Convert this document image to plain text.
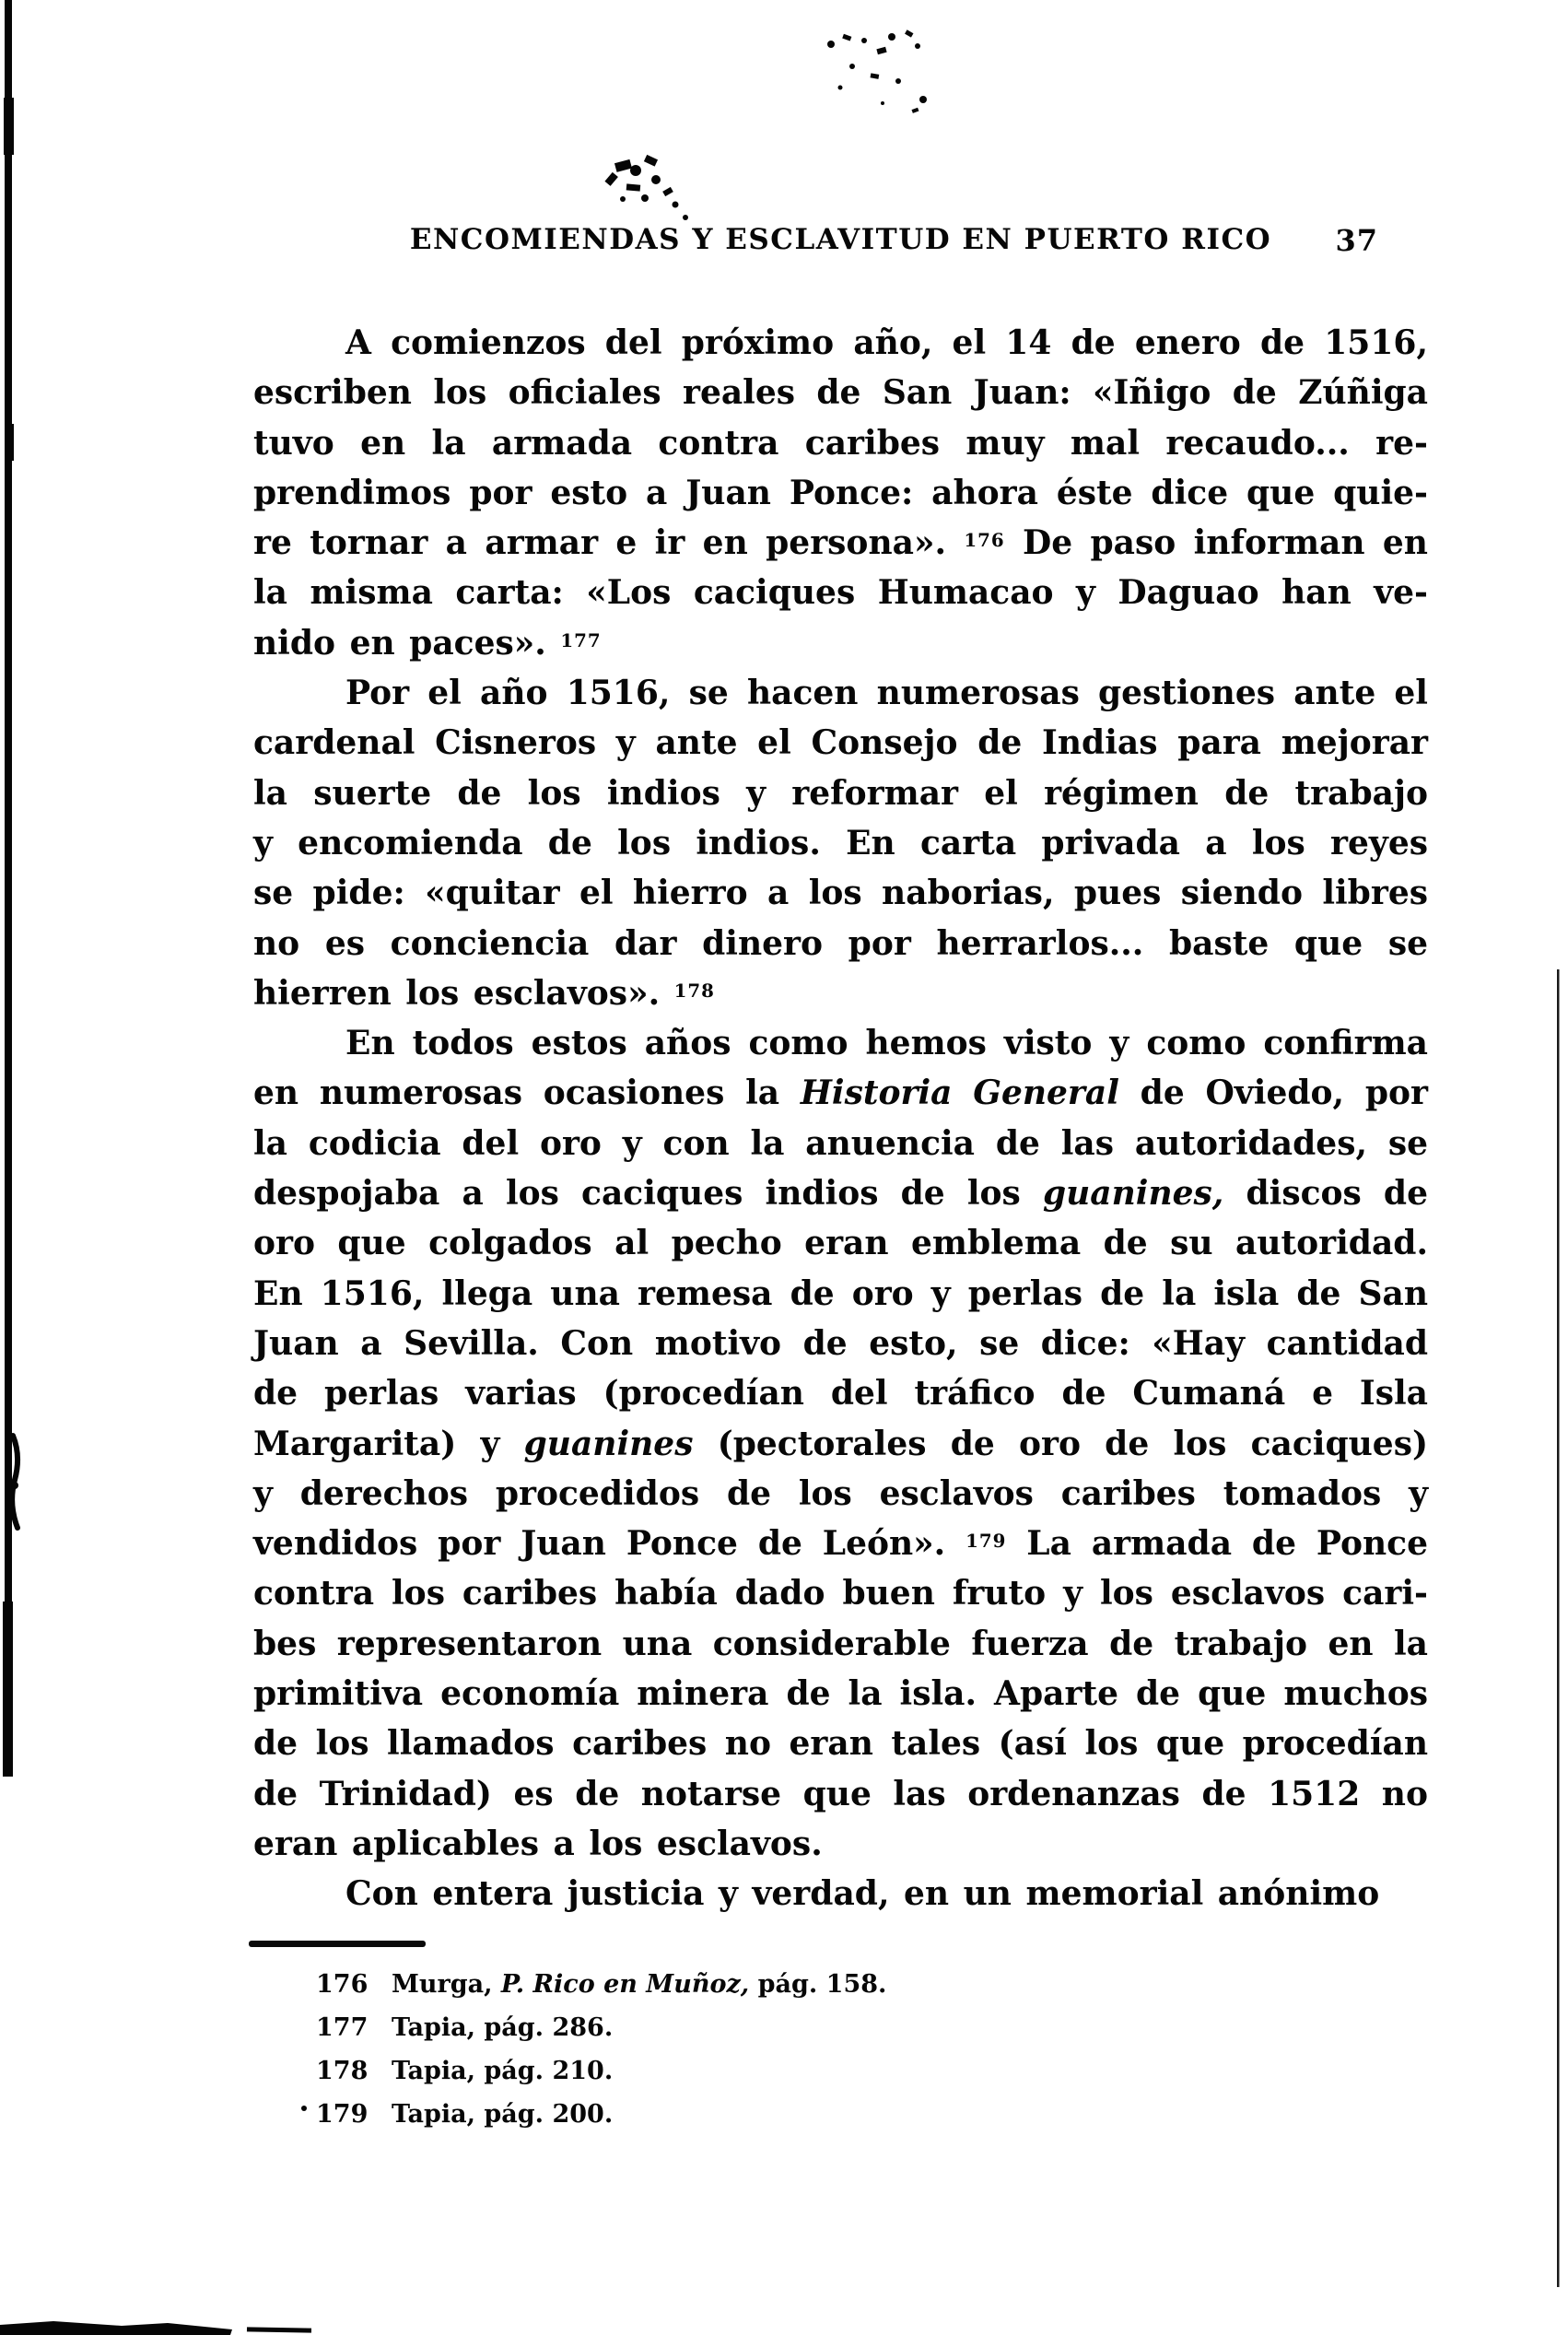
ENCOMIENDAS Y ESCLAVITUD EN PUERTO RICO	37
A comienzos del próximo año, el 14 de enero de 1516,
escriben los oficiales reales de San Juan: «Iñigo de Zúñiga
tuvo en la armada contra caribes muy mal recaudo... re-
prendimos por esto a Juan Ponce: ahora éste dice que quie-
re tornar a armar e ir en persona». $^{176}$ De paso informan en
la misma carta: «Los caciques Humacao y Daguao han ve-
nido en paces». $^{177}$
Por el año 1516, se hacen numerosas gestiones ante el
cardenal Cisneros y ante el Consejo de Indias para mejorar
la suerte de los indios y reformar el régimen de trabajo
y encomienda de los indios. En carta privada a los reyes
se pide: «quitar el hierro a los naborias, pues siendo libres
no es conciencia dar dinero por herrarlos... baste que se
hierren los esclavos». $^{178}$
En todos estos años como hemos visto y como confirma
en numerosas ocasiones la Historia General de Oviedo, por
la codicia del oro y con la anuencia de las autoridades, se
despojaba a los caciques indios de los guanines, discos de
oro que colgados al pecho eran emblema de su autoridad.
En 1516, llega una remesa de oro y perlas de la isla de San
Juan a Sevilla. Con motivo de esto, se dice: «Hay cantidad
de perlas varias (procedían del tráfico de Cumaná e Isla
Margarita) y guanines (pectorales de oro de los caciques)
y derechos procedidos de los esclavos caribes tomados y
vendidos por Juan Ponce de León». $^{179}$ La armada de Ponce
contra los caribes había dado buen fruto y los esclavos cari-
bes representaron una considerable fuerza de trabajo en la
primitiva economía minera de la isla. Aparte de que muchos
de los llamados caribes no eran tales (así los que procedían
de Trinidad) es de notarse que las ordenanzas de 1512 no
eran aplicables a los esclavos.
Con entera justicia y verdad, en un memorial anónimo
176 Murga, P. Rico en Muñoz, pág. 158.
177 Tapia, pág. 286.
178 Tapia, pág. 210.
179 Tapia, pág. 200.
